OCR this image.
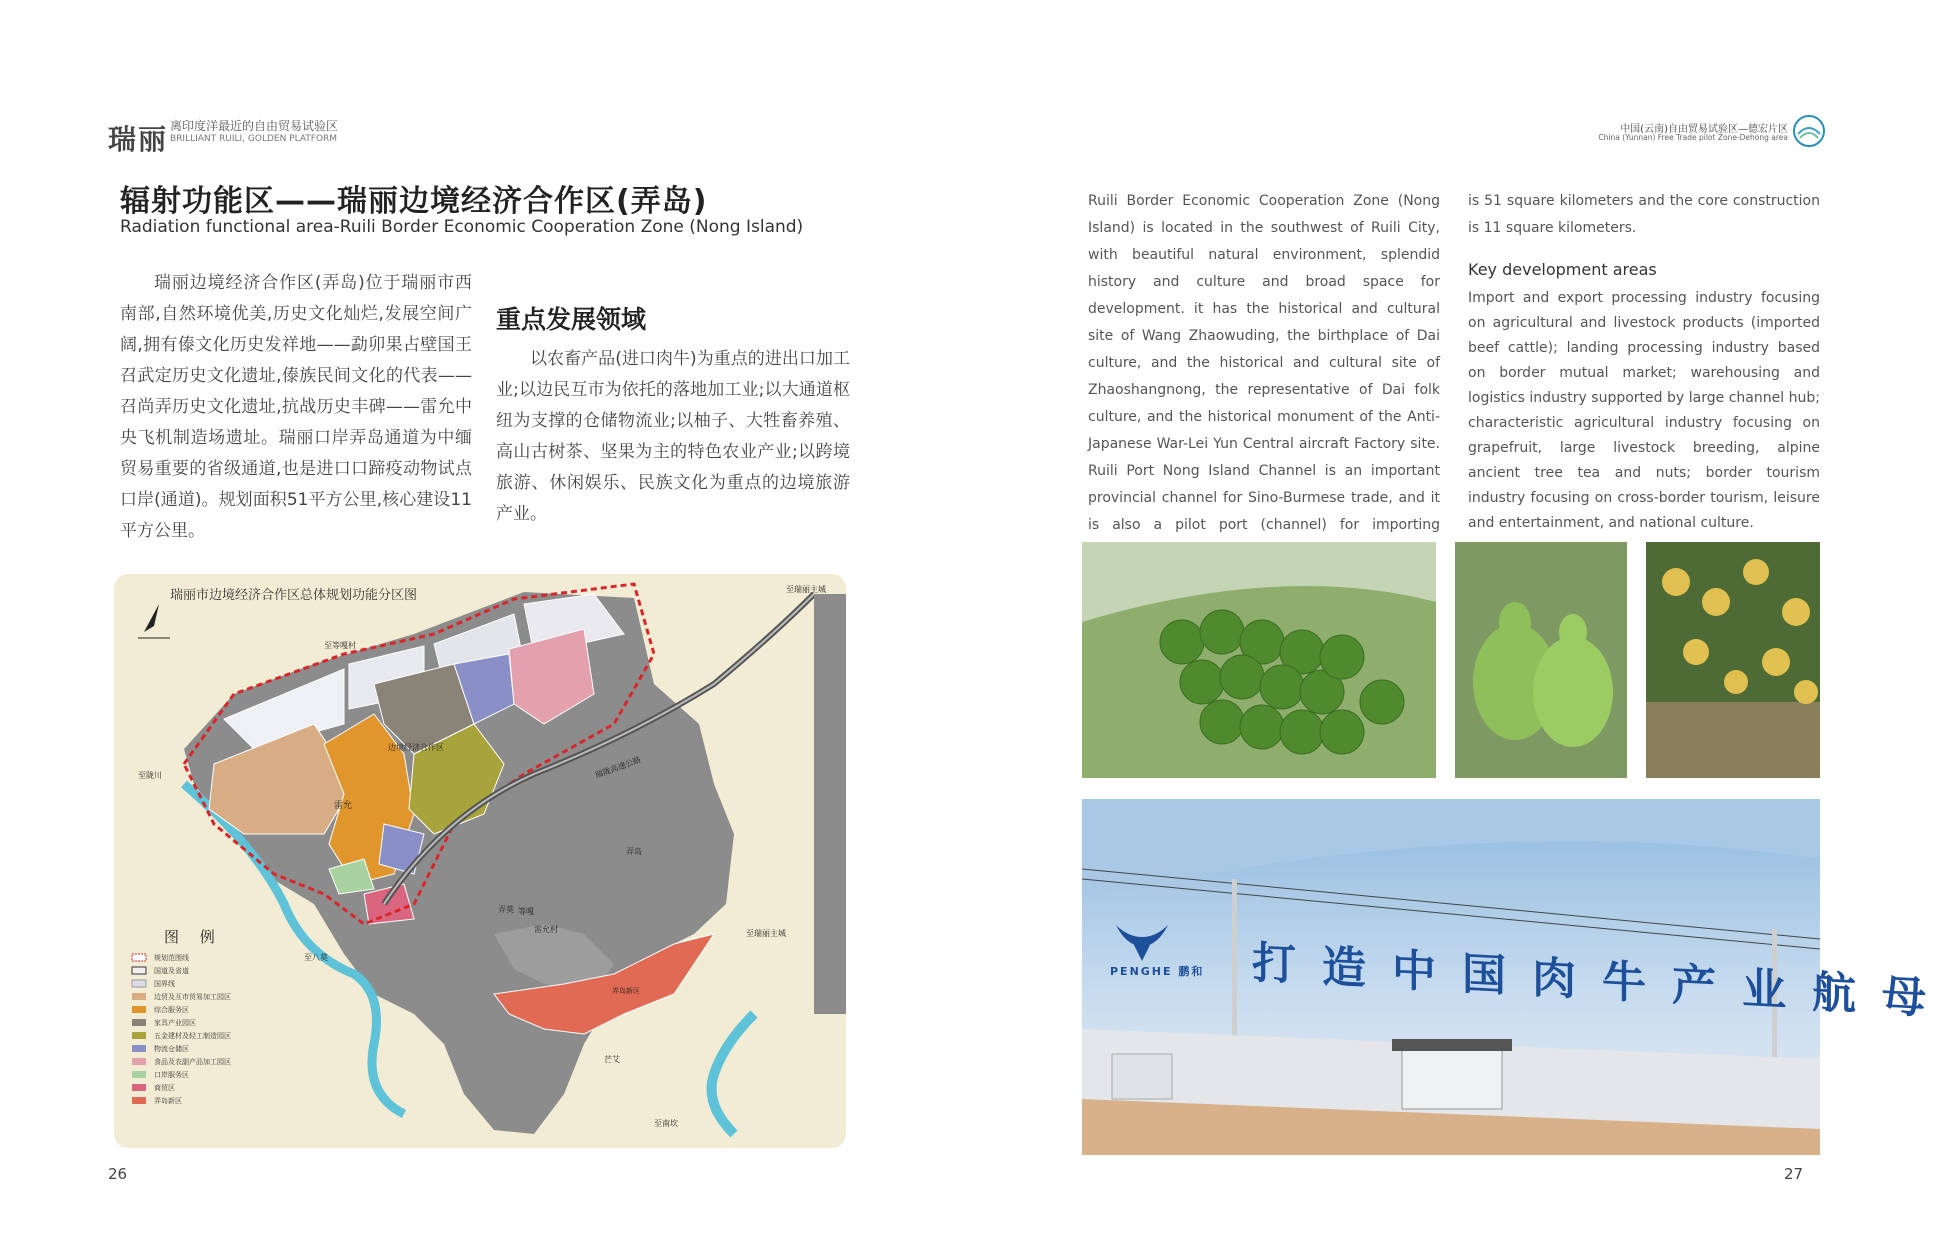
瑞丽 离印度洋最近的自由贸易试验区
BRILLIANT RUILI, GOLDEN PLATFORM
辐射功能区——瑞丽边境经济合作区(弄岛)
Radiation functional area-Ruili Border Economic Cooperation Zone (Nong Island)
瑞丽边境经济合作区(弄岛)位于瑞丽市西南部,自然环境优美,历史文化灿烂,发展空间广阔,拥有傣文化历史发祥地——勐卯果占壁国王召武定历史文化遗址,傣族民间文化的代表——召尚弄历史文化遗址,抗战历史丰碑——雷允中央飞机制造场遗址。瑞丽口岸弄岛通道为中缅贸易重要的省级通道,也是进口口蹄疫动物试点口岸(通道)。规划面积51平方公里,核心建设11平方公里。
重点发展领域
以农畜产品(进口肉牛)为重点的进出口加工业;以边民互市为依托的落地加工业;以大通道枢纽为支撑的仓储物流业;以柚子、大牲畜养殖、高山古树茶、坚果为主的特色农业产业;以跨境旅游、休闲娱乐、民族文化为重点的边境旅游产业。
瑞丽市边境经济合作区总体规划功能分区图
图 例
至瑞丽主城
至等嘎村
至陇川
雷允
弄岛
弄岛新区
边境经济合作区
瑞陇高速公路
至八莫
至南坎
至瑞丽主城
雷允村
等嘎
弄莫
芒艾
规划范围线
国道及省道
国界线
边贸及互市贸易加工园区
综合服务区
家具产业园区
五金建材及轻工制造园区
物流仓储区
食品及农副产品加工园区
口岸服务区
商贸区
弄岛新区
26
中国(云南)自由贸易试验区—德宏片区
China (Yunnan) Free Trade pilot Zone-Dehong area
Ruili Border Economic Cooperation Zone (Nong Island) is located in the southwest of Ruili City, with beautiful natural environment, splendid history and culture and broad space for development. it has the historical and cultural site of Wang Zhaowuding, the birthplace of Dai culture, and the historical and cultural site of Zhaoshangnong, the representative of Dai folk culture, and the historical monument of the Anti-Japanese War-Lei Yun Central aircraft Factory site. Ruili Port Nong Island Channel is an important provincial channel for Sino-Burmese trade, and it is also a pilot port (channel) for importing
is 51 square kilometers and the core construction is 11 square kilometers.
Key development areas
Import and export processing industry focusing on agricultural and livestock products (imported beef cattle); landing processing industry based on border mutual market; warehousing and logistics industry supported by large channel hub; characteristic agricultural industry focusing on grapefruit, large livestock breeding, alpine ancient tree tea and nuts; border tourism industry focusing on cross-border tourism, leisure and entertainment, and national culture.
PENGHE 鹏和 打造中国肉牛产业航母
27
